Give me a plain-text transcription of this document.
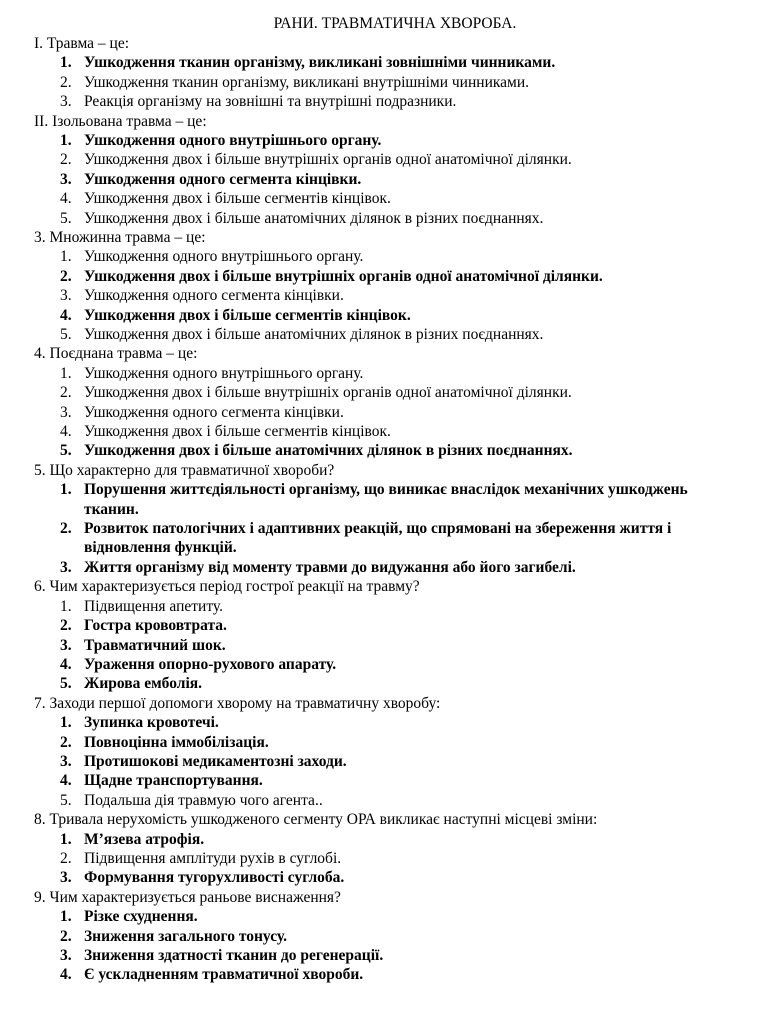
РАНИ. ТРАВМАТИЧНА ХВОРОБА.
І. Травма – це:
1. Ушкодження тканин організму, викликані зовнішніми чинниками.
2. Ушкодження тканин організму, викликані внутрішніми чинниками.
3. Реакція організму на зовнішні та внутрішні подразники.
ІІ. Ізольована травма – це:
1. Ушкодження одного внутрішнього органу.
2. Ушкодження двох і більше внутрішніх органів одної анатомічної ділянки.
3. Ушкодження одного сегмента кінцівки.
4. Ушкодження двох і більше сегментів кінцівок.
5. Ушкодження двох і більше анатомічних ділянок в різних поєднаннях.
3. Множинна травма – це:
1. Ушкодження одного внутрішнього органу.
2. Ушкодження двох і більше внутрішніх органів одної анатомічної ділянки.
3. Ушкодження одного сегмента кінцівки.
4. Ушкодження двох і більше сегментів кінцівок.
5. Ушкодження двох і більше анатомічних ділянок в різних поєднаннях.
4. Поєднана травма – це:
1. Ушкодження одного внутрішнього органу.
2. Ушкодження двох і більше внутрішніх органів одної анатомічної ділянки.
3. Ушкодження одного сегмента кінцівки.
4. Ушкодження двох і більше сегментів кінцівок.
5. Ушкодження двох і більше анатомічних ділянок в різних поєднаннях.
5. Що характерно для травматичної хвороби?
1. Порушення життєдіяльності організму, що виникає внаслідок механічних ушкоджень тканин.
2. Розвиток патологічних і адаптивних реакцій, що спрямовані на збереження життя і відновлення функцій.
3. Життя організму від моменту травми до видужання або його загибелі.
6. Чим характеризується період гострої реакції на травму?
1. Підвищення апетиту.
2. Гостра крововтрата.
3. Травматичний шок.
4. Ураження опорно-рухового апарату.
5. Жирова емболія.
7. Заходи першої допомоги хворому на травматичну хворобу:
1. Зупинка кровотечі.
2. Повноцінна іммобілізація.
3. Протишокові медикаментозні заходи.
4. Щадне транспортування.
5. Подальша дія травмую чого агента..
8. Тривала нерухомість ушкодженого сегменту ОРА викликає наступні місцеві зміни:
1. М’язева атрофія.
2. Підвищення амплітуди рухів в суглобі.
3. Формування тугорухливості суглоба.
9. Чим характеризується раньове виснаження?
1. Різке схуднення.
2. Зниження загального тонусу.
3. Зниження здатності тканин до регенерації.
4. Є ускладненням травматичної хвороби.
